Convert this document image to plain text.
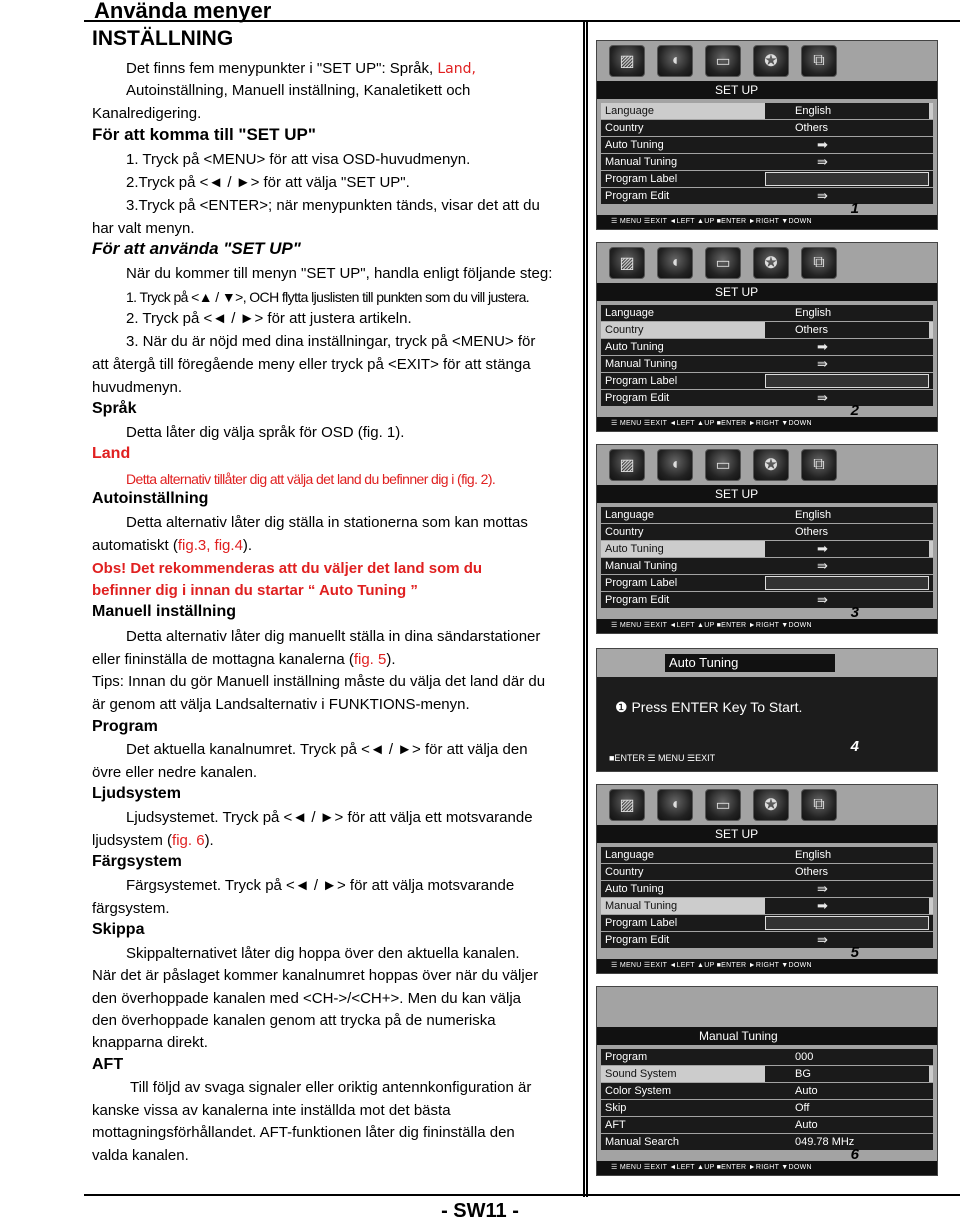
Använda menyer
- SW11 -
INSTÄLLNING
Det finns fem menypunkter i "SET UP": Språk, Land,
Autoinställning, Manuell inställning, Kanaletikett och
Kanalredigering.
För att komma till "SET UP"
1. Tryck på <MENU> för att visa OSD-huvudmenyn.
2.Tryck på <◄ / ►> för att välja "SET UP".
3.Tryck på <ENTER>; när menypunkten tänds, visar det att du
har valt menyn.
För att använda "SET UP"
När du kommer till menyn "SET UP", handla enligt följande steg:
1. Tryck på <▲ / ▼>, OCH flytta ljuslisten till punkten som du vill justera.
2. Tryck på <◄ / ►> för att justera artikeln.
3. När du är nöjd med dina inställningar, tryck på <MENU> för
att återgå till föregående meny eller tryck på <EXIT> för att stänga
huvudmenyn.
Språk
Detta låter dig välja språk för OSD (fig. 1).
Land
Detta alternativ tillåter dig att välja det land du befinner dig i (fig. 2).
Autoinställning
Detta alternativ låter dig ställa in stationerna som kan mottas
automatiskt (fig.3, fig.4).
Obs! Det rekommenderas att du väljer det land som du
befinner dig i innan du startar “ Auto Tuning ”
Manuell inställning
Detta alternativ låter dig manuellt ställa in dina sändarstationer
eller fininställa de mottagna kanalerna (fig. 5).
Tips: Innan du gör Manuell inställning måste du välja det land där du
är genom att välja Landsalternativ i FUNKTIONS-menyn.
Program
Det aktuella kanalnumret. Tryck på <◄ / ►> för att välja den
övre eller nedre kanalen.
Ljudsystem
Ljudsystemet. Tryck på <◄ / ►> för att välja ett motsvarande
ljudsystem (fig. 6).
Färgsystem
Färgsystemet. Tryck på <◄ / ►> för att välja motsvarande
färgsystem.
Skippa
Skippalternativet låter dig hoppa över den aktuella kanalen.
När det är påslaget kommer kanalnumret hoppas över när du väljer
den överhoppade kanalen med <CH->/<CH+>. Men du kan välja
den överhoppade kanalen genom att trycka på de numeriska
knapparna direkt.
AFT
Till följd av svaga signaler eller oriktig antennkonfiguration är
kanske vissa av kanalerna inte inställda mot det bästa
mottagningsförhållandet. AFT-funktionen låter dig fininställa den
valda kanalen.
▨	◖	▭	✪	⧉
SET UP
Language	English
Country	Others
Auto Tuning	➡
Manual Tuning	⇛
Program Label
Program Edit	⇛
☰ MENU ☰EXIT ◄LEFT ▲UP ■ENTER ►RIGHT ▼DOWN
1
▨	◖	▭	✪	⧉
SET UP
Language	English
Country	Others
Auto Tuning	➡
Manual Tuning	⇛
Program Label
Program Edit	⇛
☰ MENU ☰EXIT ◄LEFT ▲UP ■ENTER ►RIGHT ▼DOWN
2
▨	◖	▭	✪	⧉
SET UP
Language	English
Country	Others
Auto Tuning	➡
Manual Tuning	⇛
Program Label
Program Edit	⇛
☰ MENU ☰EXIT ◄LEFT ▲UP ■ENTER ►RIGHT ▼DOWN
3
Auto Tuning
❶ Press ENTER Key To Start.
■ENTER ☰ MENU ☰EXIT
4
▨	◖	▭	✪	⧉
SET UP
Language	English
Country	Others
Auto Tuning	⇛
Manual Tuning	➡
Program Label
Program Edit	⇛
☰ MENU ☰EXIT ◄LEFT ▲UP ■ENTER ►RIGHT ▼DOWN
5
Manual Tuning
Program	000
Sound System	BG
Color System	Auto
Skip	Off
AFT	Auto
Manual Search	049.78 MHz
☰ MENU ☰EXIT ◄LEFT ▲UP ■ENTER ►RIGHT ▼DOWN
6
